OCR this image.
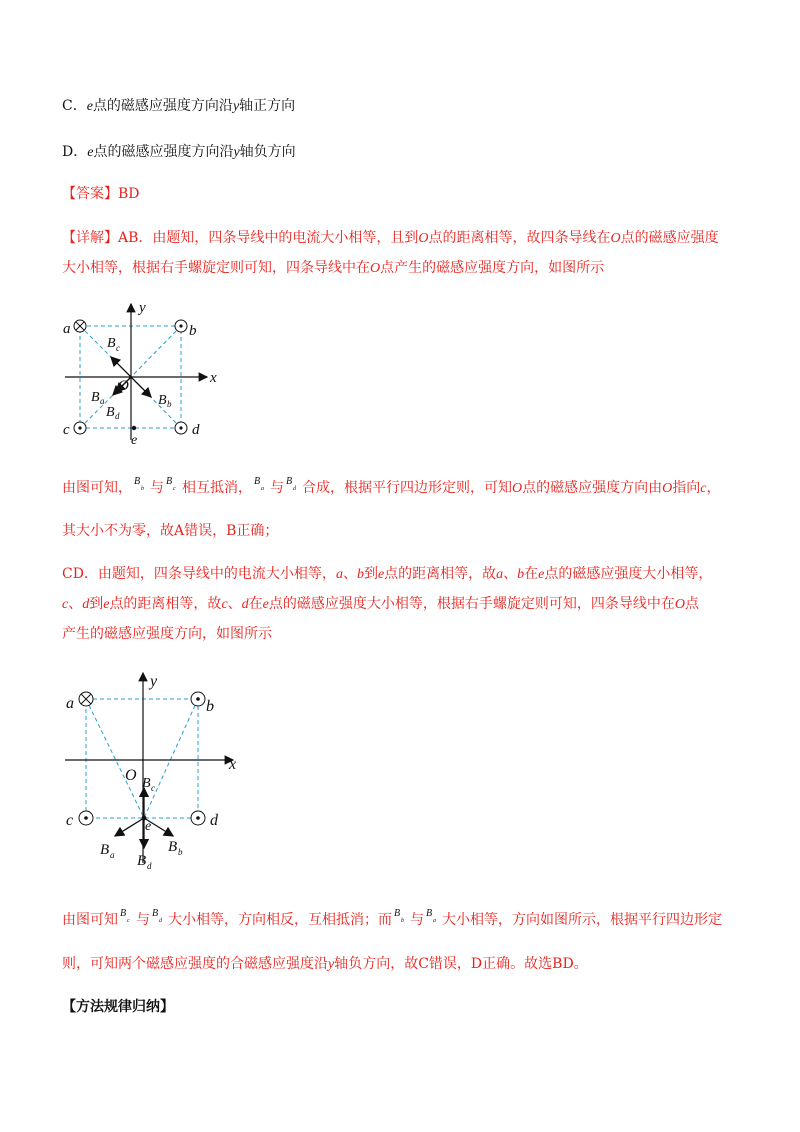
C．e点的磁感应强度方向沿y轴正方向
D．e点的磁感应强度方向沿y轴负方向
【答案】BD
【详解】AB．由题知，四条导线中的电流大小相等，且到O点的距离相等，故四条导线在O点的磁感应强度
大小相等，根据右手螺旋定则可知，四条导线中在O点产生的磁感应强度方向，如图所示
a	b
c	d
e
x
y
O
B c
B a
B d
B b
由图可知， B
b 与 B
c 相互抵消， B
a 与 B
d 合成，根据平行四边形定则，可知O点的磁感应强度方向由O指向c，
其大小不为零，故A错误，B正确；
CD．由题知，四条导线中的电流大小相等，a、b到e点的距离相等，故a、b在e点的磁感应强度大小相等，
c、d到e点的距离相等，故c、d在e点的磁感应强度大小相等，根据右手螺旋定则可知，四条导线中在O点
产生的磁感应强度方向，如图所示
a	b
c	d
e
x
y
O B c
B a B d
B b
由图可知 B
c 与 B
d 大小相等，方向相反，互相抵消；而 B
b 与 B
a 大小相等，方向如图所示，根据平行四边形定
则，可知两个磁感应强度的合磁感应强度沿y轴负方向，故C错误，D正确。故选BD。
【方法规律归纳】
